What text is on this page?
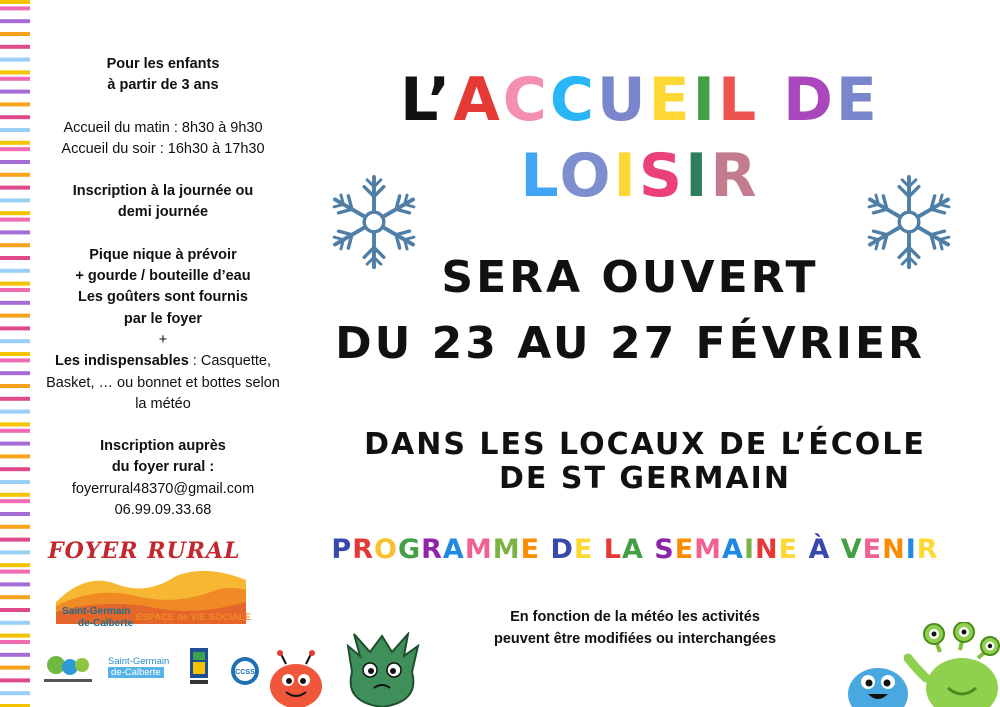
Pour les enfants

à partir de 3 ans

Accueil du matin : 8h30 à 9h30

Accueil du soir : 16h30 à 17h30

Inscription à la journée ou

demi journée

Pique nique à prévoir

+ gourde / bouteille d’eau

Les goûters sont fournis

par le foyer

+

Les indispensables : Casquette,

Basket, … ou bonnet et bottes selon

la météo

Inscription auprès

du foyer rural :

foyerrural48370@gmail.com

06.99.09.33.68

L’ACCUEIL DE
LOISIR
SERA OUVERT
DU 23 AU 27 FÉVRIER
DANS LES LOCAUX DE L’ÉCOLE
DE ST GERMAIN
PROGRAMME DE LA SEMAINE À VENIR
En fonction de la météo les activités
peuvent être modifiées ou interchangées
FOYER RURAL
Saint-Germain
de-Calberte
ESPACE de VIE SOCIALE
Saint-Germain
de-Calberte	CCSS
